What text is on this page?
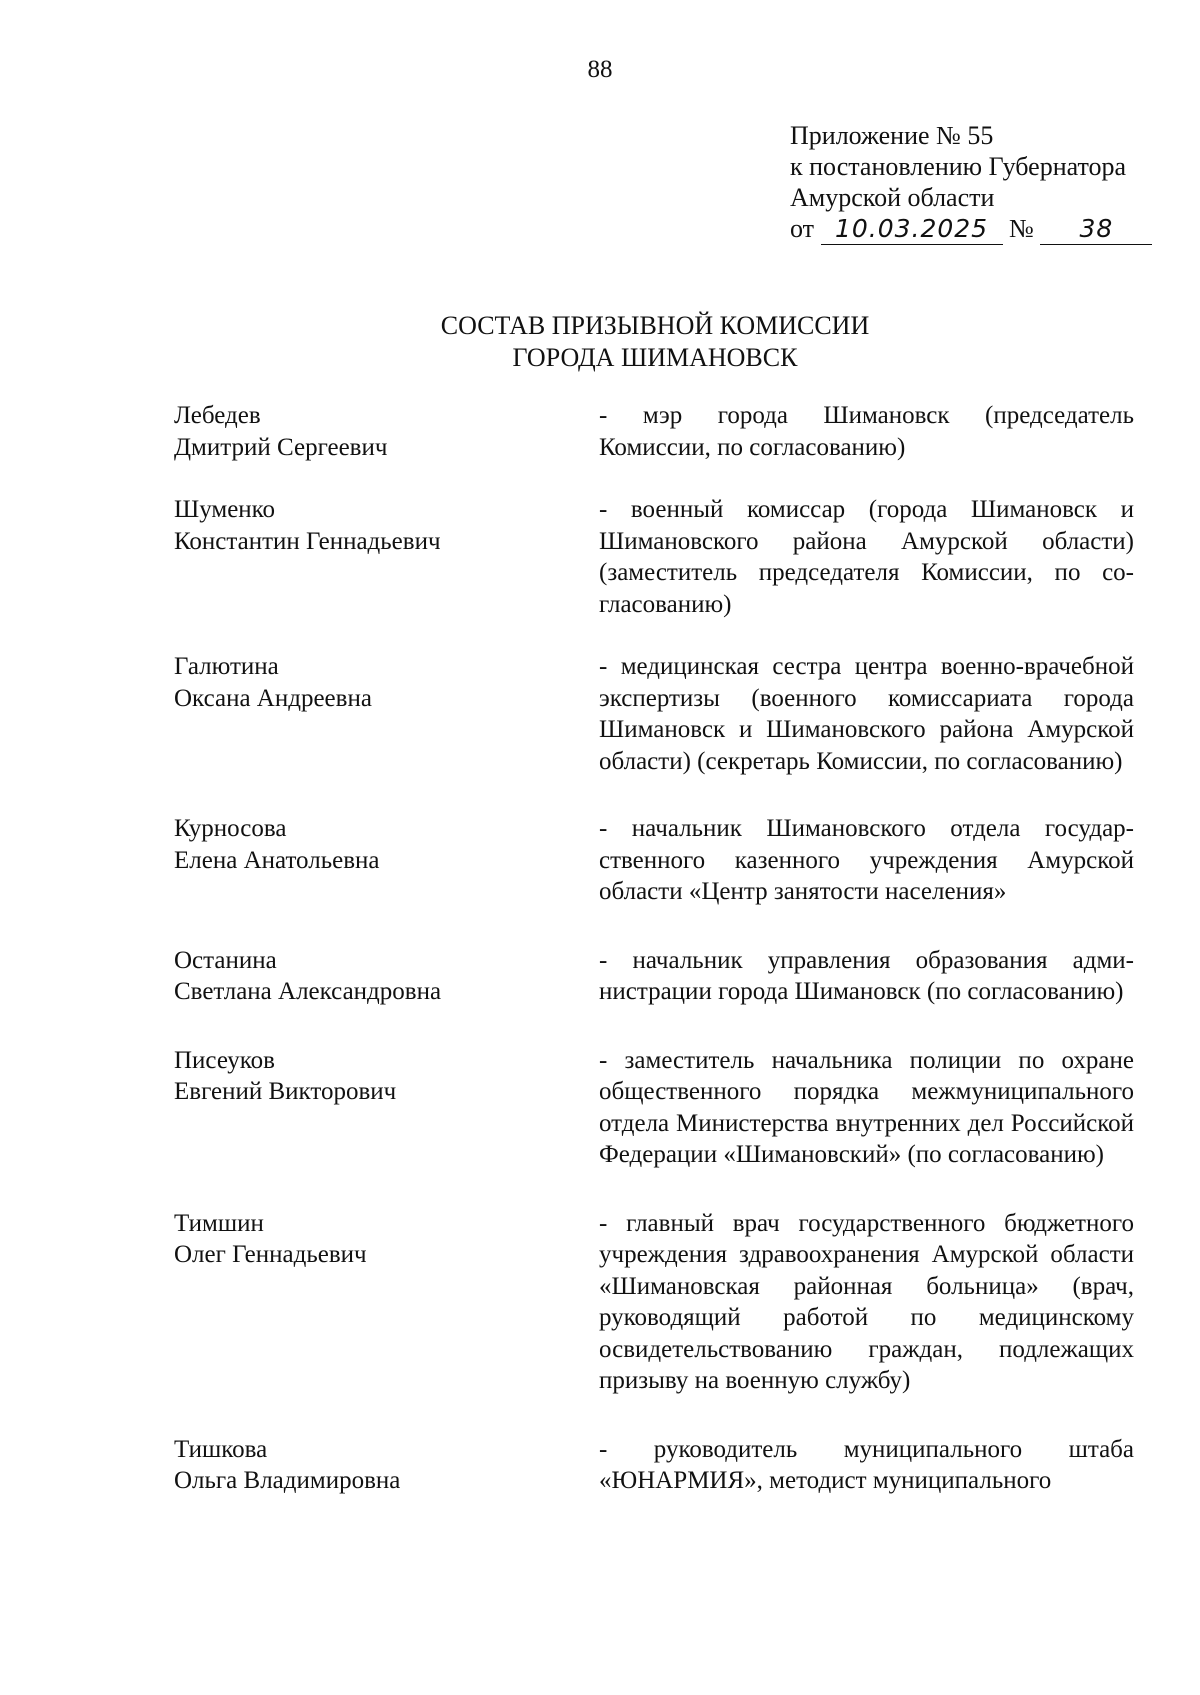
88
Приложение № 55
к постановлению Губернатора
Амурской области
от 10.03.2025 № 38
СОСТАВ ПРИЗЫВНОЙ КОМИССИИ
ГОРОДА ШИМАНОВСК
Лебедев
Дмитрий Сергеевич
- мэр города Шимановск (председатель Комиссии, по согласованию)
Шуменко
Константин Геннадьевич
- военный комиссар (города Шимановск и Шимановского района Амурской области) (заместитель председателя Комиссии, по согласованию)
Галютина
Оксана Андреевна
- медицинская сестра центра военно-врачебной экспертизы (военного комиссариата города Шимановск и Шимановского района Амурской области) (секретарь Комиссии, по согласованию)
Курносова
Елена Анатольевна
- начальник Шимановского отдела государственного казенного учреждения Амурской области «Центр занятости населения»
Останина
Светлана Александровна
- начальник управления образования администрации города Шимановск (по согласованию)
Писеуков
Евгений Викторович
- заместитель начальника полиции по охране общественного порядка межмуниципального отдела Министерства внутренних дел Российской Федерации «Шимановский» (по согласованию)
Тимшин
Олег Геннадьевич
- главный врач государственного бюджетного учреждения здравоохранения Амурской области «Шимановская районная больница» (врач, руководящий работой по медицинскому освидетельствованию граждан, подлежащих призыву на военную службу)
Тишкова
Ольга Владимировна
- руководитель муниципального штаба «ЮНАРМИЯ», методист муниципального
